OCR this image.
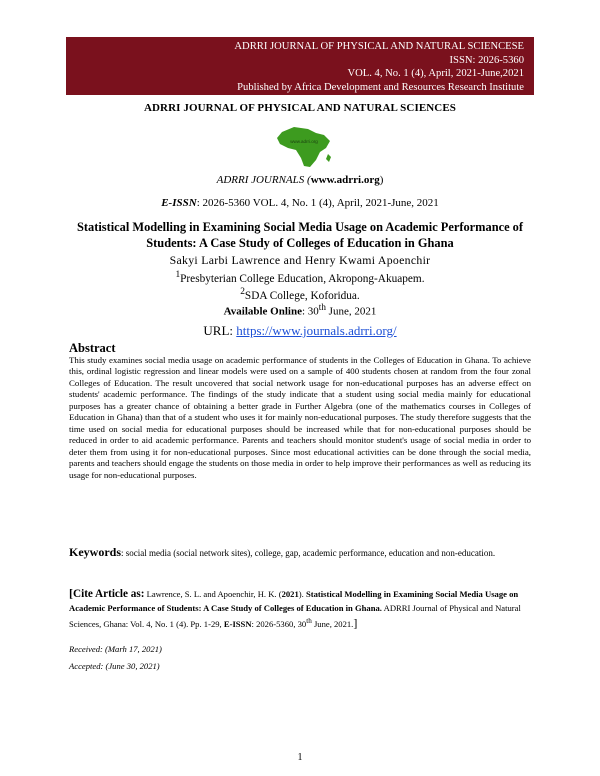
ADRRI JOURNAL OF PHYSICAL AND NATURAL SCIENCESE
ISSN: 2026-5360
VOL. 4, No. 1 (4), April, 2021-June,2021
Published by Africa Development and Resources Research Institute
ADRRI JOURNAL OF PHYSICAL AND NATURAL SCIENCES
www.adrri.org
ADRRI JOURNALS (www.adrri.org)
E-ISSN: 2026-5360 VOL. 4, No. 1 (4), April, 2021-June, 2021
Statistical Modelling in Examining Social Media Usage on Academic Performance of Students: A Case Study of Colleges of Education in Ghana
Sakyi Larbi Lawrence and Henry Kwami Apoenchir
$^1$Presbyterian College Education, Akropong-Akuapem.
$^2$SDA College, Koforidua.
Available Online: 30th June, 2021
URL: https://www.journals.adrri.org/
Abstract
This study examines social media usage on academic performance of students in the Colleges of Education in Ghana. To achieve this, ordinal logistic regression and linear models were used on a sample of 400 students chosen at random from the four zonal Colleges of Education. The result uncovered that social network usage for non-educational purposes has an adverse effect on students' academic performance. The findings of the study indicate that a student using social media mainly for educational purposes has a greater chance of obtaining a better grade in Further Algebra (one of the mathematics courses in Colleges of Education in Ghana) than that of a student who uses it for mainly non-educational purposes. The study therefore suggests that the time used on social media for educational purposes should be increased while that for non-educational purposes should be reduced in order to aid academic performance. Parents and teachers should monitor student's usage of social media in order to deter them from using it for non-educational purposes. Since most educational activities can be done through the social media, parents and teachers should engage the students on those media in order to help improve their performances as well as reducing its usage for non-educational purposes.
Keywords: social media (social network sites), college, gap, academic performance, education and non-education.
[Cite Article as: Lawrence, S. L. and Apoenchir, H. K. (2021). Statistical Modelling in Examining Social Media Usage on Academic Performance of Students: A Case Study of Colleges of Education in Ghana. ADRRI Journal of Physical and Natural Sciences, Ghana: Vol. 4, No. 1 (4). Pp. 1-29, E-ISSN: 2026-5360, 30th June, 2021.]
Received: (Marh 17, 2021)
Accepted: (June 30, 2021)
1
